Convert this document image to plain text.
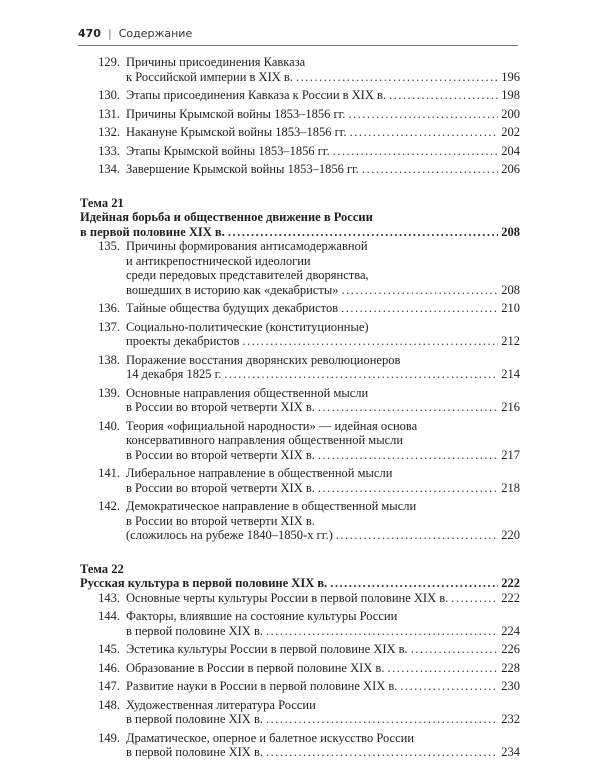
470 | Содержание
129. Причины присоединения Кавказа
к Российской империи в XIX в. .....	196
130. Этапы присоединения Кавказа к России в XIX в. .....	198
131. Причины Крымской войны 1853–1856 гг. .....	200
132. Накануне Крымской войны 1853–1856 гг. .....	202
133. Этапы Крымской войны 1853–1856 гг. .....	204
134. Завершение Крымской войны 1853–1856 гг. .....	206
Тема 21
Идейная борьба и общественное движение в России
в первой половине XIX в. .....	208
135. Причины формирования антисамодержавной
и антикрепостнической идеологии
среди передовых представителей дворянства,
вошедших в историю как «декабристы» .....	208
136. Тайные общества будущих декабристов .....	210
137. Социально-политические (конституционные)
проекты декабристов .....	212
138. Поражение восстания дворянских революционеров
14 декабря 1825 г. .....	214
139. Основные направления общественной мысли
в России во второй четверти XIX в. .....	216
140. Теория «официальной народности» — идейная основа
консервативного направления общественной мысли
в России во второй четверти XIX в. .....	217
141. Либеральное направление в общественной мысли
в России во второй четверти XIX в. .....	218
142. Демократическое направление в общественной мысли
в России во второй четверти XIX в.
(сложилось на рубеже 1840–1850-х гг.) .....	220
Тема 22
Русская культура в первой половине XIX в. .....	222
143. Основные черты культуры России в первой половине XIX в. .....	222
144. Факторы, влиявшие на состояние культуры России
в первой половине XIX в. .....	224
145. Эстетика культуры России в первой половине XIX в. .....	226
146. Образование в России в первой половине XIX в. .....	228
147. Развитие науки в России в первой половине XIX в. .....	230
148. Художественная литература России
в первой половине XIX в. .....	232
149. Драматическое, оперное и балетное искусство России
в первой половине XIX в. .....	234
